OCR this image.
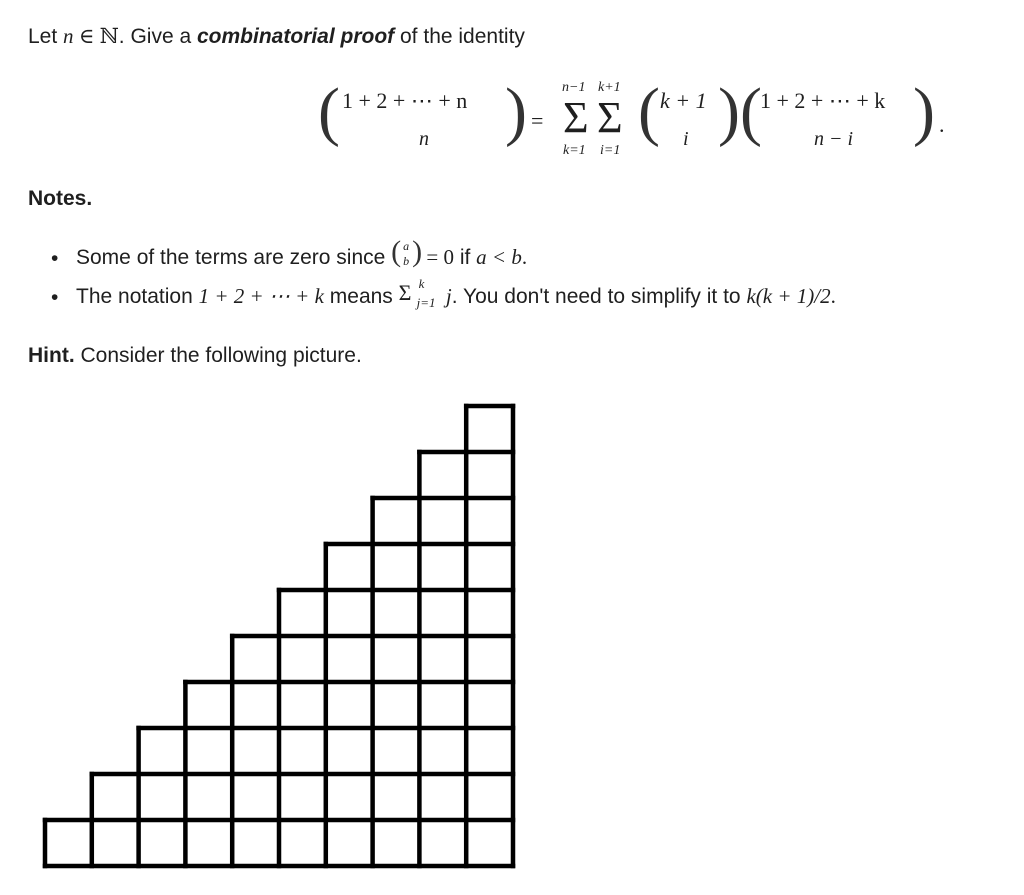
Let n ∈ ℕ. Give a combinatorial proof of the identity
( 1 + 2 + ⋯ + n
n ) =
n−1
Σ
k=1
k+1
Σ
i=1
( k + 1
i ) (
1 + 2 + ⋯ + k
n − i ) .
Notes.
• Some of the terms are zero since ( a
b ) = 0 if a < b.
• The notation 1 + 2 + ⋯ + k means Σ k
j=1 j. You don't need to simplify it to k(k + 1)/2.
Hint. Consider the following picture.
